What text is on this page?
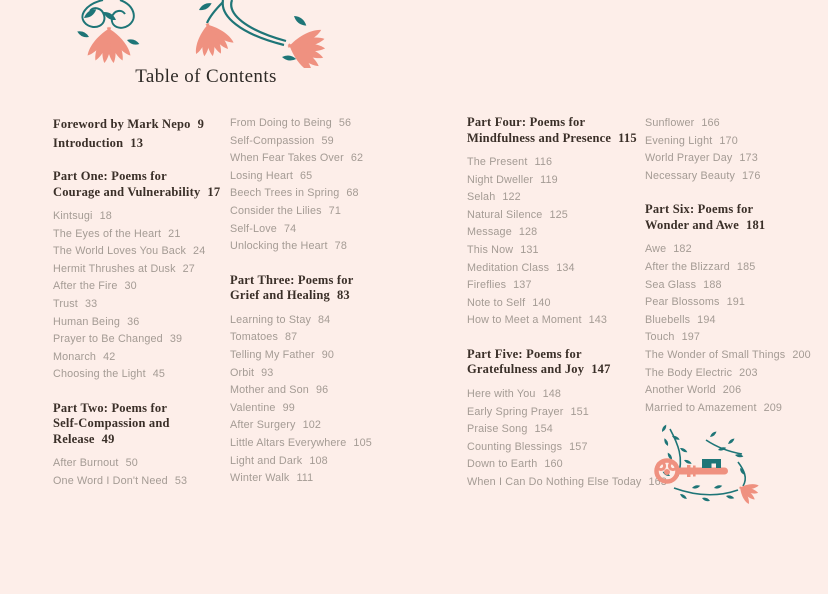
Table of Contents
Foreword by Mark Nepo 9
Introduction 13
Part One: Poems for
Courage and Vulnerability 17
Kintsugi 18
The Eyes of the Heart 21
The World Loves You Back 24
Hermit Thrushes at Dusk 27
After the Fire 30
Trust 33
Human Being 36
Prayer to Be Changed 39
Monarch 42
Choosing the Light 45
Part Two: Poems for
Self-Compassion and
Release 49
After Burnout 50
One Word I Don't Need 53
From Doing to Being 56
Self-Compassion 59
When Fear Takes Over 62
Losing Heart 65
Beech Trees in Spring 68
Consider the Lilies 71
Self-Love 74
Unlocking the Heart 78
Part Three: Poems for
Grief and Healing 83
Learning to Stay 84
Tomatoes 87
Telling My Father 90
Orbit 93
Mother and Son 96
Valentine 99
After Surgery 102
Little Altars Everywhere 105
Light and Dark 108
Winter Walk 111
Part Four: Poems for
Mindfulness and Presence 115
The Present 116
Night Dweller 119
Selah 122
Natural Silence 125
Message 128
This Now 131
Meditation Class 134
Fireflies 137
Note to Self 140
How to Meet a Moment 143
Part Five: Poems for
Gratefulness and Joy 147
Here with You 148
Early Spring Prayer 151
Praise Song 154
Counting Blessings 157
Down to Earth 160
When I Can Do Nothing Else Today 163
Sunflower 166
Evening Light 170
World Prayer Day 173
Necessary Beauty 176
Part Six: Poems for
Wonder and Awe 181
Awe 182
After the Blizzard 185
Sea Glass 188
Pear Blossoms 191
Bluebells 194
Touch 197
The Wonder of Small Things 200
The Body Electric 203
Another World 206
Married to Amazement 209
